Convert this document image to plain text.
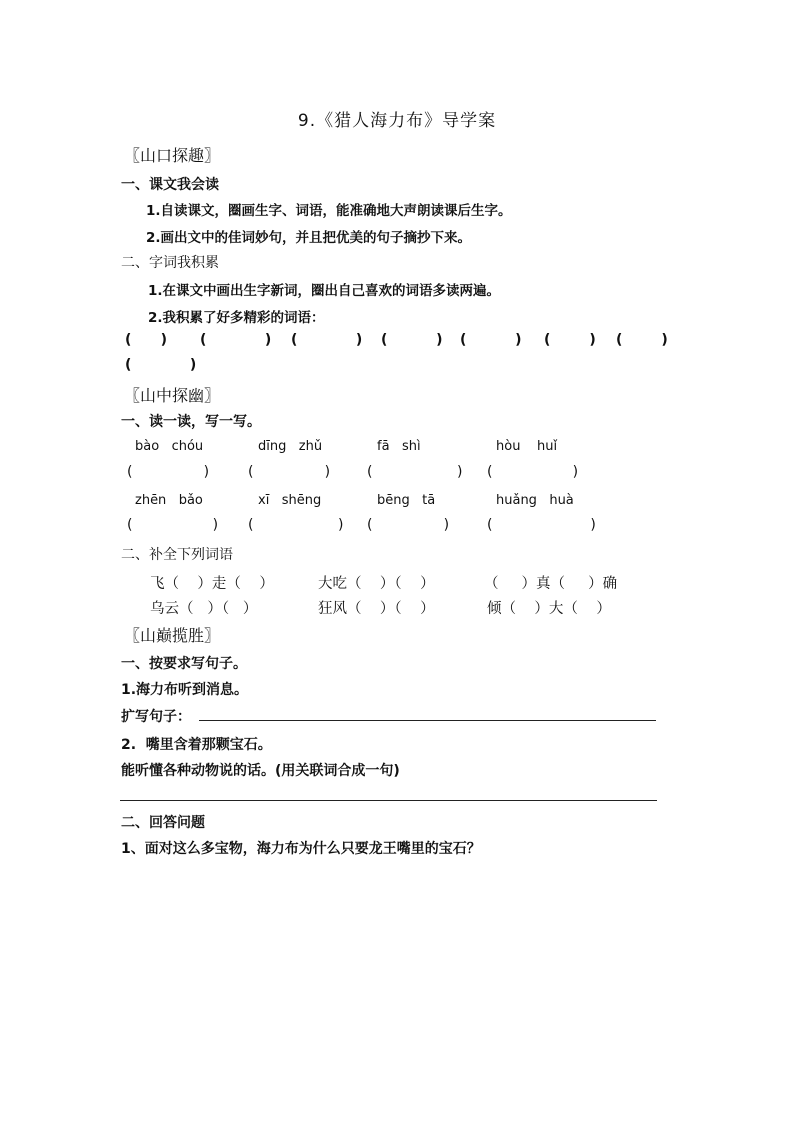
9.《猎人海力布》导学案
〖山口探趣〗
一、课文我会读
1.自读课文，圈画生字、词语，能准确地大声朗读课后生字。
2.画出文中的佳词妙句，并且把优美的句子摘抄下来。
二、字词我积累
1.在课文中画出生字新词，圈出自己喜欢的词语多读两遍。
2.我积累了好多精彩的词语：
(      ) (            ) (            ) (          ) (          ) (        ) (        )
(            )
〖山中探幽〗
一、读一读，写一写。
bào   chóu	dīng   zhǔ	fā   shì	hòu    huǐ
(                )	(                )	(                   ) (                  )
zhēn   bǎo	xī   shēng	bēng   tā	huǎng   huà
(                  ) (                   ) (                )	(                      )
二、补全下列词语
飞（    ）走（    ）	大吃（    ）（    ）	（     ）真（     ）确
乌云（   ）（   ）	狂风（    ）（    ）	倾（    ）大（    ）
〖山巅揽胜〗
一、按要求写句子。
1.海力布听到消息。
扩写句子：
2.  嘴里含着那颗宝石。
能听懂各种动物说的话。(用关联词合成一句)
二、回答问题
1、面对这么多宝物，海力布为什么只要龙王嘴里的宝石？
